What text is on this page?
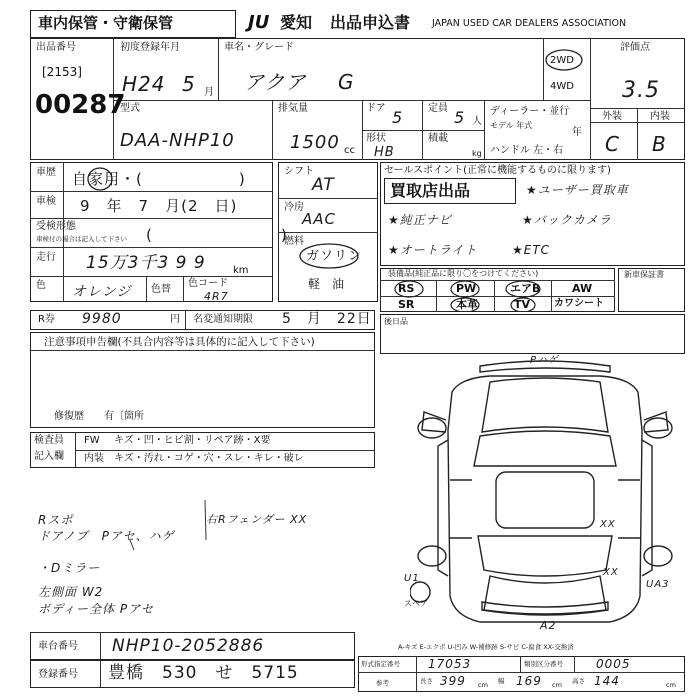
車内保管・守衛保管	JU 愛知 出品申込書 JAPAN USED CAR DEALERS ASSOCIATION
出品番号
[2153]
00287
初度登録年月
H24 5 月
車名・グレード
アクア G
2WD
4WD
評価点
3.5
外装	内装
C B
型式
DAA-NHP10
排気量
1500 cc
ドア 5 定員 5 人
形状
HB
積載
kg
ディーラー・並行
モデル 年式
年
ハンドル 左・右
車歴 自家用・(　　　　　　)
車検 9　年　7　月(2　日)
受検形態
車検付の場合は記入して下さい (　　　　　　　　)
走行 15万3千3 9 9	km
色 オレンジ 色替
色コード
4R7
シフト
AT
冷房
AAC
燃料
ガソリン
軽　油
セールスポイント(正常に機能するものに限ります)
買取店出品	★ユーザー買取車
★純正ナビ	★バックカメラ
★オートライト	★ETC
装備品(純正品に限り〇をつけてください)
RS	PW	エアB	AW
SR	本革	TV カワシート
新車保証書
R券 9980	円 名変通知期限 5　月　22日 後日品
注意事項申告欄(不具合内容等は具体的に記入して下さい)
修復歴　　有〔箇所
検査員
記入欄
FW キズ・凹・ヒビ割・リペア跡・X要
内装 キズ・汚れ・コゲ・穴・スレ・キレ・破レ
Rスポ
ドアノブ　Pアセ、ハゲ
・Dミラー
左側面 W2
ボディー全体 Pアセ
右Rフェンダー XX
Pハゲ
XX
XX
U1
UA3
A2
スペア
A-キズ E-エクボ U-凹み W-補修跡 S-サビ C-腐食 XX-交換済
車台番号 NHP10-2052886
登録番号 豊橋　530　せ　5715	形式指定番号 17053	類別区分番号	0005
参考	長さ 399 cm 幅 169 cm 高さ 144	cm
